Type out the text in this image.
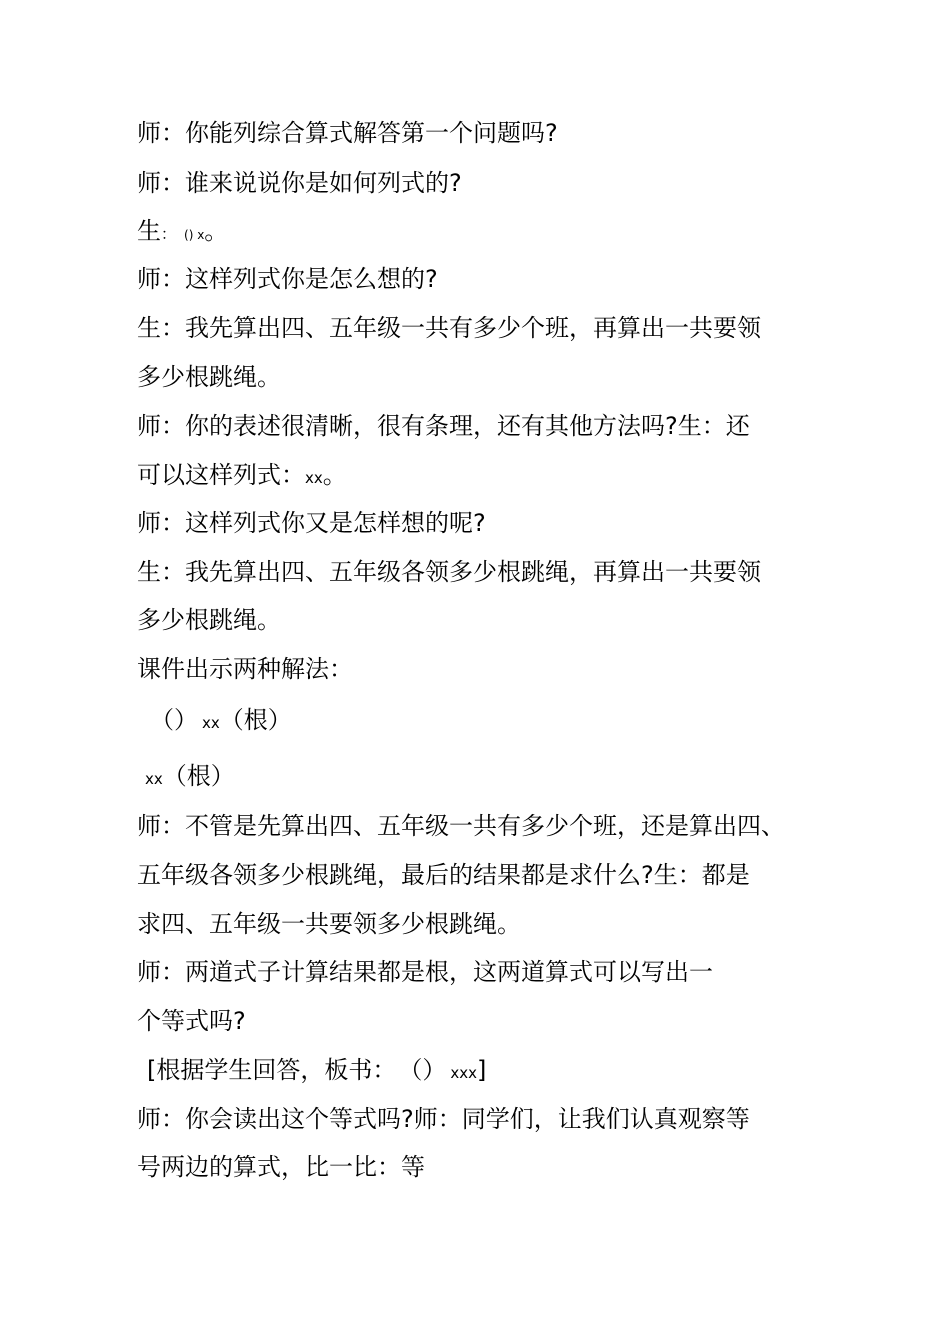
师：你能列综合算式解答第一个问题吗?
师：谁来说说你是如何列式的?
生： () x。
师：这样列式你是怎么想的?
生：我先算出四、五年级一共有多少个班，再算出一共要领
多少根跳绳。
师：你的表述很清晰，很有条理，还有其他方法吗?生：还
可以这样列式：xx。
师：这样列式你又是怎样想的呢?
生：我先算出四、五年级各领多少根跳绳，再算出一共要领
多少根跳绳。
课件出示两种解法：
（） xx（根）
xx（根）
师：不管是先算出四、五年级一共有多少个班，还是算出四、
五年级各领多少根跳绳，最后的结果都是求什么?生：都是
求四、五年级一共要领多少根跳绳。
师：两道式子计算结果都是根，这两道算式可以写出一
个等式吗?
[根据学生回答，板书： （） xxx]
师：你会读出这个等式吗?师：同学们，让我们认真观察等
号两边的算式，比一比：等
